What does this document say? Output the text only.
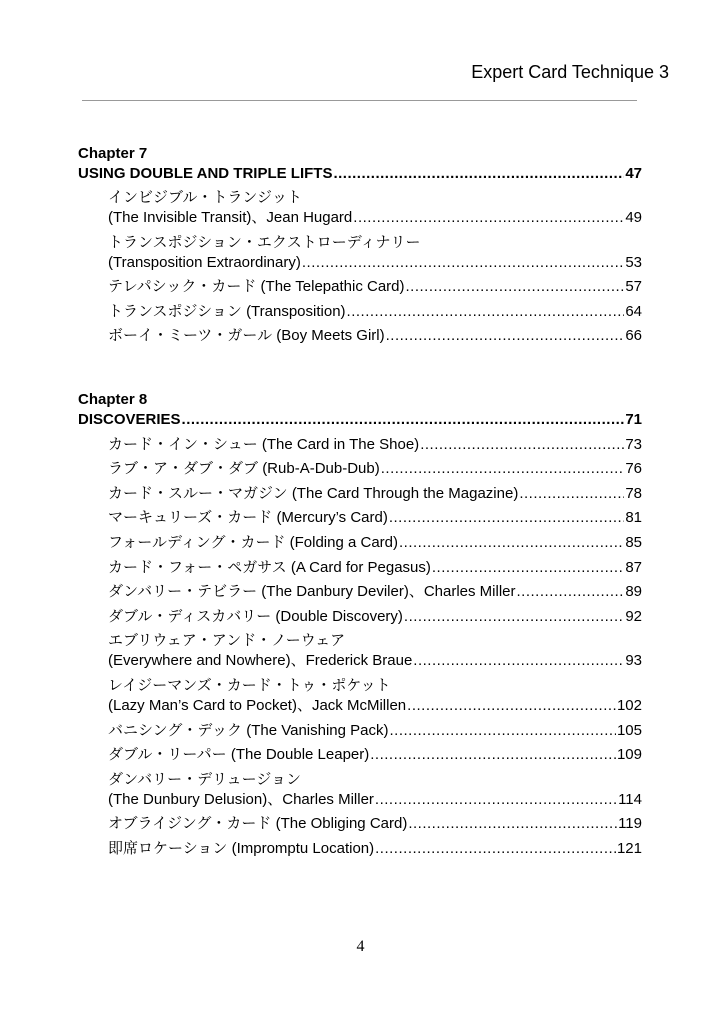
Expert Card Technique 3
Chapter 7
USING DOUBLE AND TRIPLE LIFTS .....	47
インビジブル・トランジット
(The Invisible Transit)、Jean Hugard .....	49
トランスポジション・エクストローディナリー
(Transposition Extraordinary) .....	53
テレパシック・カード
(The Telepathic Card) .....	57
トランスポジション
(Transposition) .....	64
ボーイ・ミーツ・ガール
(Boy Meets Girl) .....	66
Chapter 8
DISCOVERIES .....	71
カード・イン・シュー
(The Card in The Shoe) .....	73
ラブ・ア・ダブ・ダブ
(Rub-A-Dub-Dub) .....	76
カード・スルー・マガジン
(The Card Through the Magazine) .....	78
マーキュリーズ・カード
(Mercury’s Card) .....	81
フォールディング・カード
(Folding a Card) .....	85
カード・フォー・ペガサス
(A Card for Pegasus) .....	87
ダンバリー・テビラー
(The Danbury Deviler)、Charles Miller .....	89
ダブル・ディスカバリー
(Double Discovery) .....	92
エブリウェア・アンド・ノーウェア
(Everywhere and Nowhere)、Frederick Braue .....	93
レイジーマンズ・カード・トゥ・ポケット
(Lazy Man’s Card to Pocket)、Jack McMillen .....	102
バニシング・デック
(The Vanishing Pack) .....	105
ダブル・リーパー
(The Double Leaper) .....	109
ダンバリー・デリュージョン
(The Dunbury Delusion)、Charles Miller .....	114
オブライジング・カード
(The Obliging Card) .....	119
即席ロケーション
(Impromptu Location) .....	121
4
